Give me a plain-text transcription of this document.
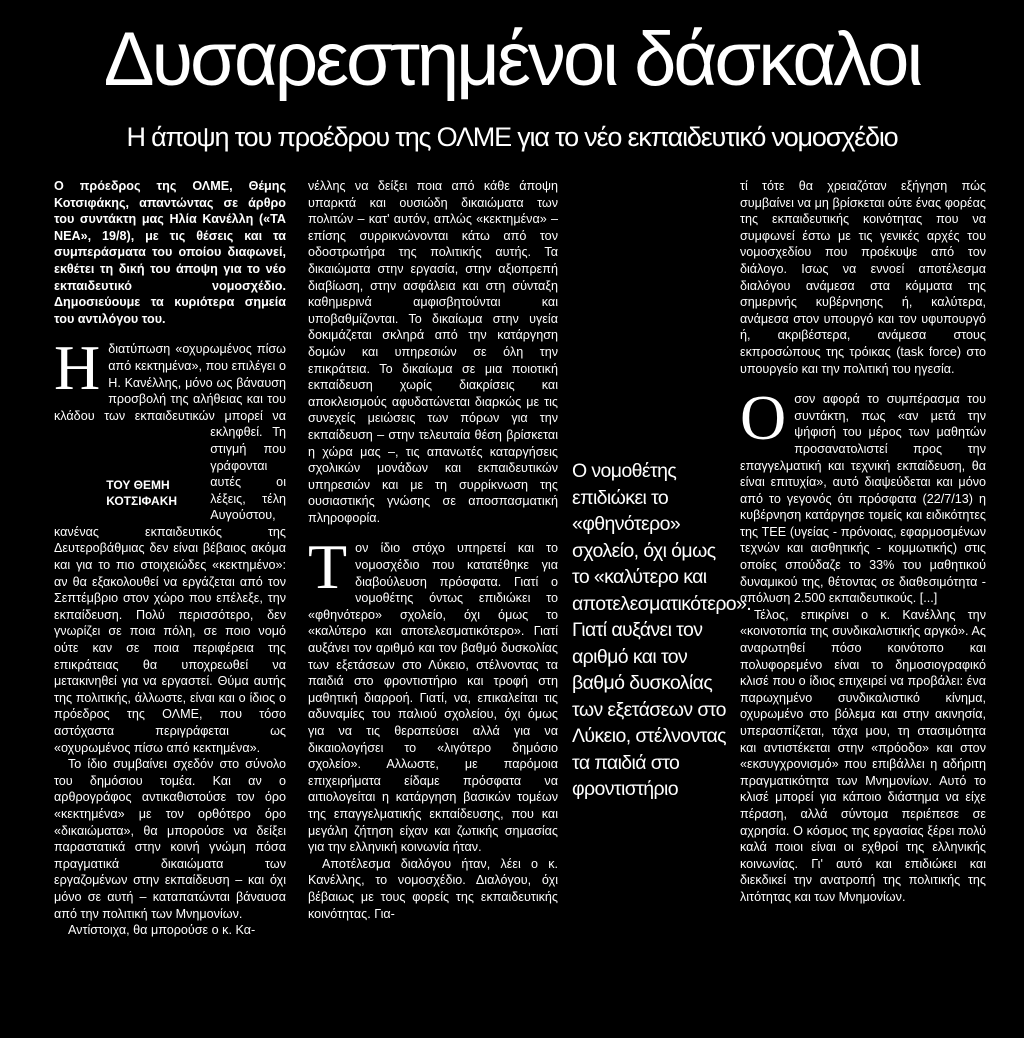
Δυσαρεστημένοι δάσκαλοι
Η άποψη του προέδρου της ΟΛΜΕ για το νέο εκπαιδευτικό νομοσχέδιο

Ο πρόεδρος της ΟΛΜΕ, Θέμης Κοτσιφάκης, απαντώντας σε άρθρο του συντάκτη μας Ηλία Κανέλλη («ΤΑ ΝΕΑ», 19/8), με τις θέσεις και τα συμπεράσματα του οποίου διαφωνεί, εκθέτει τη δική του άποψη για το νέο εκπαιδευτικό νομοσχέδιο. Δημοσιεύουμε τα κυριότερα σημεία του αντιλόγου του.

Η
ΤΟΥ ΘΕΜΗ
ΚΟΤΣΙΦΑΚΗ
διατύπωση «οχυρωμένος πίσω από κεκτημένα», που επιλέγει ο Η. Κανέλλης, μόνο ως βάναυση προσβολή της αλήθειας και του κλάδου των εκπαιδευτικών μπορεί να εκληφθεί. Τη στιγμή που γράφονται αυτές οι λέξεις, τέλη Αυγούστου, κανένας εκπαιδευτικός της Δευτεροβάθμιας δεν είναι βέβαιος ακόμα και για το πιο στοιχειώδες «κεκτημένο»: αν θα εξακολουθεί να εργάζεται από τον Σεπτέμβριο στον χώρο που επέλεξε, την εκπαίδευση. Πολύ περισσότερο, δεν γνωρίζει σε ποια πόλη, σε ποιο νομό ούτε καν σε ποια περιφέρεια της επικράτειας θα υποχρεωθεί να μετακινηθεί για να εργαστεί. Θύμα αυτής της πολιτικής, άλλωστε, είναι και ο ίδιος ο πρόεδρος της ΟΛΜΕ, που τόσο αστόχαστα περιγράφεται ως «οχυρωμένος πίσω από κεκτημένα».

Το ίδιο συμβαίνει σχεδόν στο σύνολο του δημόσιου τομέα. Και αν ο αρθρογράφος αντικαθιστούσε τον όρο «κεκτημένα» με τον ορθότερο όρο «δικαιώματα», θα μπορούσε να δείξει παραστατικά στην κοινή γνώμη πόσα πραγματικά δικαιώματα των εργαζομένων στην εκπαίδευση – και όχι μόνο σε αυτή – καταπατώνται βάναυσα από την πολιτική των Μνημονίων.

Αντίστοιχα, θα μπορούσε ο κ. Κα-

νέλλης να δείξει ποια από κάθε άποψη υπαρκτά και ουσιώδη δικαιώματα των πολιτών – κατ' αυτόν, απλώς «κεκτημένα» – επίσης συρρικνώνονται κάτω από τον οδοστρωτήρα της πολιτικής αυτής. Τα δικαιώματα στην εργασία, στην αξιοπρεπή διαβίωση, στην ασφάλεια και στη σύνταξη καθημερινά αμφισβητούνται και υποβαθμίζονται. Το δικαίωμα στην υγεία δοκιμάζεται σκληρά από την κατάργηση δομών και υπηρεσιών σε όλη την επικράτεια. Το δικαίωμα σε μια ποιοτική εκπαίδευση χωρίς διακρίσεις και αποκλεισμούς αφυδατώνεται διαρκώς με τις συνεχείς μειώσεις των πόρων για την εκπαίδευση – στην τελευταία θέση βρίσκεται η χώρα μας –, τις απανωτές καταργήσεις σχολικών μονάδων και εκπαιδευτικών υπηρεσιών και με τη συρρίκνωση της ουσιαστικής γνώσης σε αποσπασματική πληροφορία.

Τ ον ίδιο στόχο υπηρετεί και το νομοσχέδιο που κατατέθηκε για διαβούλευση πρόσφατα. Γιατί ο νομοθέτης όντως επιδιώκει το «φθηνότερο» σχολείο, όχι όμως το «καλύτερο και αποτελεσματικότερο». Γιατί αυξάνει τον αριθμό και τον βαθμό δυσκολίας των εξετάσεων στο Λύκειο, στέλνοντας τα παιδιά στο φροντιστήριο και τροφή στη μαθητική διαρροή. Γιατί, να, επικαλείται τις αδυναμίες του παλιού σχολείου, όχι όμως για να τις θεραπεύσει αλλά για να δικαιολογήσει το «λιγότερο δημόσιο σχολείο». Αλλωστε, με παρόμοια επιχειρήματα είδαμε πρόσφατα να αιτιολογείται η κατάργηση βασικών τομέων της επαγγελματικής εκπαίδευσης, που και μεγάλη ζήτηση είχαν και ζωτικής σημασίας για την ελληνική κοινωνία ήταν.

Αποτέλεσμα διαλόγου ήταν, λέει ο κ. Κανέλλης, το νομοσχέδιο. Διαλόγου, όχι βέβαιως με τους φορείς της εκπαιδευτικής κοινότητας. Για-

Ο νομοθέτης επιδιώκει το «φθηνότερο» σχολείο, όχι όμως το «καλύτερο και αποτελεσματικότερο». Γιατί αυξάνει τον αριθμό και τον βαθμό δυσκολίας των εξετάσεων στο Λύκειο, στέλνοντας τα παιδιά στο φροντιστήριο

τί τότε θα χρειαζόταν εξήγηση πώς συμβαίνει να μη βρίσκεται ούτε ένας φορέας της εκπαιδευτικής κοινότητας που να συμφωνεί έστω με τις γενικές αρχές του νομοσχεδίου που προέκυψε από τον διάλογο. Ισως να εννοεί αποτέλεσμα διαλόγου ανάμεσα στα κόμματα της σημερινής κυβέρνησης ή, καλύτερα, ανάμεσα στον υπουργό και τον υφυπουργό ή, ακριβέστερα, ανάμεσα στους εκπροσώπους της τρόικας (task force) στο υπουργείο και την πολιτική του ηγεσία.

Ο σον αφορά το συμπέρασμα του συντάκτη, πως «αν μετά την ψήφισή του μέρος των μαθητών προσανατολιστεί προς την επαγγελματική και τεχνική εκπαίδευση, θα είναι επιτυχία», αυτό διαψεύδεται και μόνο από το γεγονός ότι πρόσφατα (22/7/13) η κυβέρνηση κατάργησε τομείς και ειδικότητες της ΤΕΕ (υγείας - πρόνοιας, εφαρμοσμένων τεχνών και αισθητικής - κομμωτικής) στις οποίες σπούδαζε το 33% του μαθητικού δυναμικού της, θέτοντας σε διαθεσιμότητα - απόλυση 2.500 εκπαιδευτικούς. [...]

Τέλος, επικρίνει ο κ. Κανέλλης την «κοινοτοπία της συνδικαλιστικής αργκό». Ας αναρωτηθεί πόσο κοινότοπο και πολυφορεμένο είναι το δημοσιογραφικό κλισέ που ο ίδιος επιχειρεί να προβάλει: ένα παρωχημένο συνδικαλιστικό κίνημα, οχυρωμένο στο βόλεμα και στην ακινησία, υπερασπίζεται, τάχα μου, τη στασιμότητα και αντιστέκεται στην «πρόοδο» και στον «εκσυγχρονισμό» που επιβάλλει η αδήριτη πραγματικότητα των Μνημονίων. Αυτό το κλισέ μπορεί για κάποιο διάστημα να είχε πέραση, αλλά σύντομα περιέπεσε σε αχρησία. Ο κόσμος της εργασίας ξέρει πολύ καλά ποιοι είναι οι εχθροί της ελληνικής κοινωνίας. Γι' αυτό και επιδιώκει και διεκδικεί την ανατροπή της πολιτικής της λιτότητας και των Μνημονίων.
